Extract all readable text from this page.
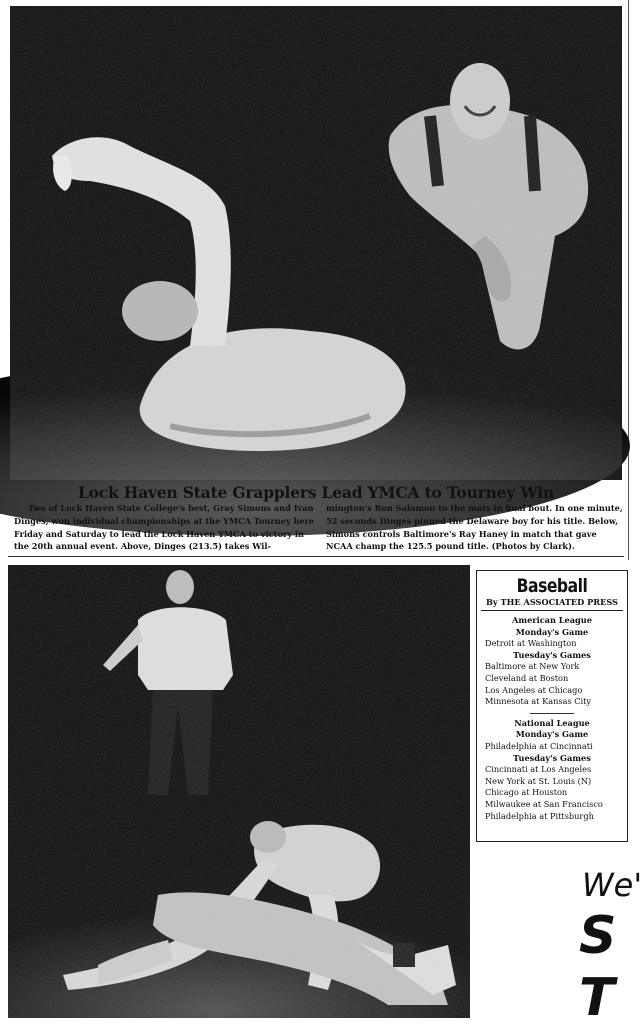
Lock Haven State Grapplers Lead YMCA to Tourney Win
Two of Lock Haven State College's best, Gray Simons and Ivan Dinges, won individual championships at the YMCA Tourney here Friday and Saturday to lead the Lock Haven YMCA to victory in the 20th annual event. Above, Dinges (213.5) takes Wil-
mington's Ron Salamon to the mats in final bout. In one minute, 52 seconds Dinges pinned the Delaware boy for his title. Below, Simons controls Baltimore's Ray Haney in match that gave NCAA champ the 125.5 pound title. (Photos by Clark).
Baseball
By THE ASSOCIATED PRESS
American League
Monday's Game
Detroit at Washington
Tuesday's Games
Baltimore at New York
Cleveland at Boston
Los Angeles at Chicago
Minnesota at Kansas City
National League
Monday's Game
Philadelphia at Cincinnati
Tuesday's Games
Cincinnati at Los Angeles
New York at St. Louis (N)
Chicago at Houston
Milwaukee at San Francisco
Philadelphia at Pittsburgh
We'
S
T
